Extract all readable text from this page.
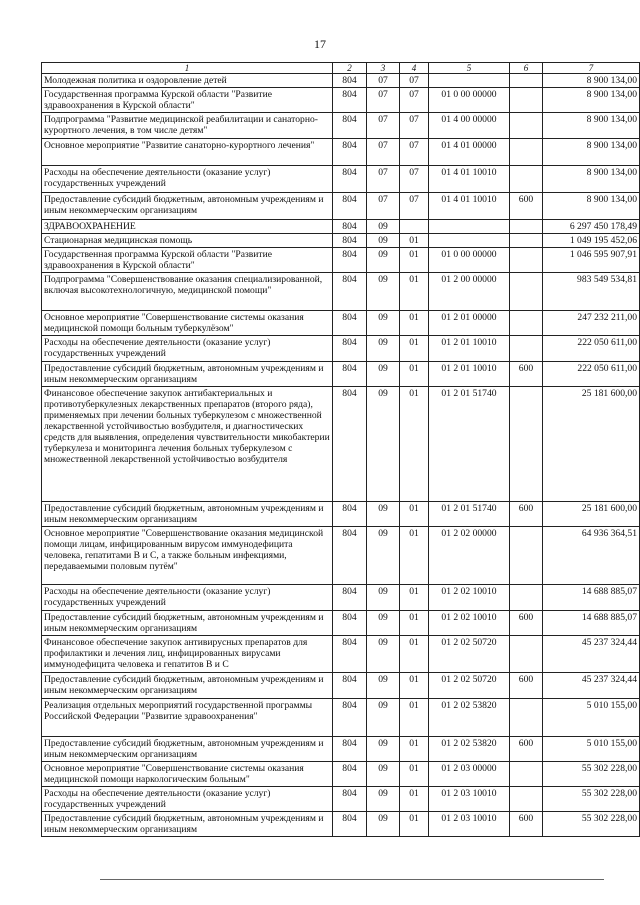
17
1	2	3	4	5	6	7
Молодежная политика и оздоровление детей	804	07	07			8 900 134,00
Государственная программа Курской области "Развитие здравоохранения в Курской области"	804	07	07	01 0 00 00000		8 900 134,00
Подпрограмма "Развитие медицинской реабилитации и санаторно-курортного лечения, в том числе детям"	804	07	07	01 4 00 00000		8 900 134,00
Основное мероприятие "Развитие санаторно-курортного лечения"	804	07	07	01 4 01 00000		8 900 134,00
Расходы на обеспечение деятельности (оказание услуг) государственных учреждений	804	07	07	01 4 01 10010		8 900 134,00
Предоставление субсидий бюджетным, автономным учреждениям и иным некоммерческим организациям	804	07	07	01 4 01 10010	600	8 900 134,00
ЗДРАВООХРАНЕНИЕ	804	09				6 297 450 178,49
Стационарная медицинская помощь	804	09	01			1 049 195 452,06
Государственная программа Курской области "Развитие здравоохранения в Курской области"	804	09	01	01 0 00 00000		1 046 595 907,91
Подпрограмма "Совершенствование оказания специализированной, включая высокотехнологичную, медицинской помощи"	804	09	01	01 2 00 00000		983 549 534,81
Основное мероприятие "Совершенствование системы оказания медицинской помощи больным туберкулёзом"	804	09	01	01 2 01 00000		247 232 211,00
Расходы на обеспечение деятельности (оказание услуг) государственных учреждений	804	09	01	01 2 01 10010		222 050 611,00
Предоставление субсидий бюджетным, автономным учреждениям и иным некоммерческим организациям	804	09	01	01 2 01 10010	600	222 050 611,00
Финансовое обеспечение закупок антибактериальных и противотуберкулезных лекарственных препаратов (второго ряда), применяемых при лечении больных туберкулезом с множественной лекарственной устойчивостью возбудителя, и диагностических средств для выявления, определения чувствительности микобактерии туберкулеза и мониторинга лечения больных туберкулезом с множественной лекарственной устойчивостью возбудителя	804	09	01	01 2 01 51740		25 181 600,00
Предоставление субсидий бюджетным, автономным учреждениям и иным некоммерческим организациям	804	09	01	01 2 01 51740	600	25 181 600,00
Основное мероприятие "Совершенствование оказания медицинской помощи лицам, инфицированным вирусом иммунодефицита человека, гепатитами В и С, а также больным инфекциями, передаваемыми половым путём"	804	09	01	01 2 02 00000		64 936 364,51
Расходы на обеспечение деятельности (оказание услуг) государственных учреждений	804	09	01	01 2 02 10010		14 688 885,07
Предоставление субсидий бюджетным, автономным учреждениям и иным некоммерческим организациям	804	09	01	01 2 02 10010	600	14 688 885,07
Финансовое обеспечение закупок антивирусных препаратов для профилактики и лечения лиц, инфицированных вирусами иммунодефицита человека и гепатитов В и С	804	09	01	01 2 02 50720		45 237 324,44
Предоставление субсидий бюджетным, автономным учреждениям и иным некоммерческим организациям	804	09	01	01 2 02 50720	600	45 237 324,44
Реализация отдельных мероприятий государственной программы Российской Федерации "Развитие здравоохранения"	804	09	01	01 2 02 53820		5 010 155,00
Предоставление субсидий бюджетным, автономным учреждениям и иным некоммерческим организациям	804	09	01	01 2 02 53820	600	5 010 155,00
Основное мероприятие "Совершенствование системы оказания медицинской помощи наркологическим больным"	804	09	01	01 2 03 00000		55 302 228,00
Расходы на обеспечение деятельности (оказание услуг) государственных учреждений	804	09	01	01 2 03 10010		55 302 228,00
Предоставление субсидий бюджетным, автономным учреждениям и иным некоммерческим организациям	804	09	01	01 2 03 10010	600	55 302 228,00
